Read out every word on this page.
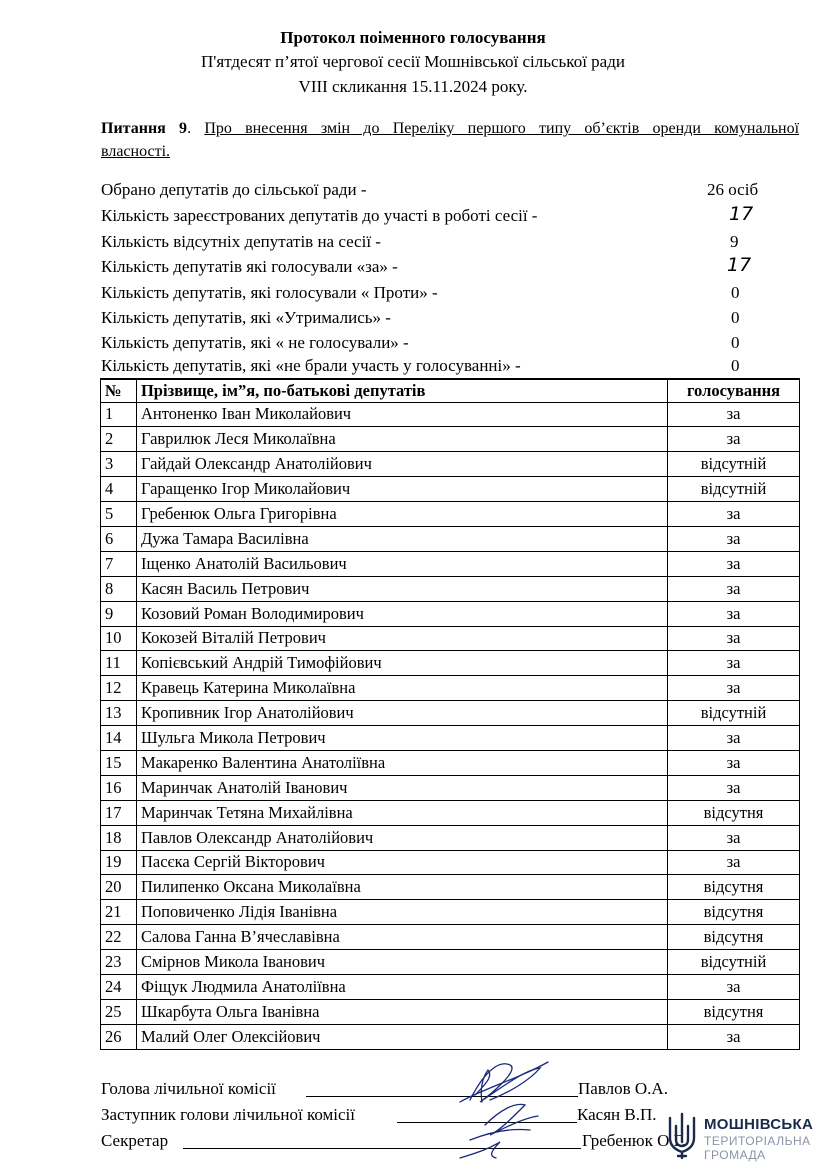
Протокол поіменного голосування
П'ятдесят п’ятої чергової сесії Мошнівської сільської ради
VIII скликання 15.11.2024 року.
Питання 9. Про внесення змін до Переліку першого типу об’єктів оренди комунальної
власності.
Обрано депутатів до сільської ради -	26 осіб
Кількість зареєстрованих депутатів до участі в роботі сесії -	17
Кількість відсутніх депутатів на сесії -	9
Кількість депутатів які голосували «за» -	17
Кількість депутатів, які голосували « Проти» -	0
Кількість депутатів, які «Утримались» -	0
Кількість депутатів, які « не голосували» -	0
Кількість депутатів, які «не брали участь у голосуванні» -	0
№	Прізвище, ім”я, по-батькові депутатів	голосування
1	Антоненко Іван Миколайович	за
2	Гаврилюк Леся Миколаївна	за
3	Гайдай Олександр Анатолійович	відсутній
4	Гаращенко Ігор Миколайович	відсутній
5	Гребенюк Ольга Григорівна	за
6	Дужа Тамара Василівна	за
7	Іщенко Анатолій Васильович	за
8	Касян Василь Петрович	за
9	Козовий Роман Володимирович	за
10	Кокозей Віталій Петрович	за
11	Копієвський Андрій Тимофійович	за
12	Кравець Катерина Миколаївна	за
13	Кропивник Ігор Анатолійович	відсутній
14	Шульга Микола Петрович	за
15	Макаренко Валентина Анатоліївна	за
16	Маринчак Анатолій Іванович	за
17	Маринчак Тетяна Михайлівна	відсутня
18	Павлов Олександр Анатолійович	за
19	Пасєка Сергій Вікторович	за
20	Пилипенко Оксана Миколаївна	відсутня
21	Поповиченко Лідія Іванівна	відсутня
22	Салова Ганна В’ячеславівна	відсутня
23	Смірнов Микола Іванович	відсутній
24	Фіщук Людмила Анатоліївна	за
25	Шкарбута Ольга Іванівна	відсутня
26	Малий Олег Олексійович	за
Голова лічильної комісії	Павлов О.А.
Заступник голови лічильної комісії	Касян В.П.
Секретар	Гребенюк О.Г.
МОШНІВСЬКА
ТЕРИТОРІАЛЬНА
ГРОМАДА
